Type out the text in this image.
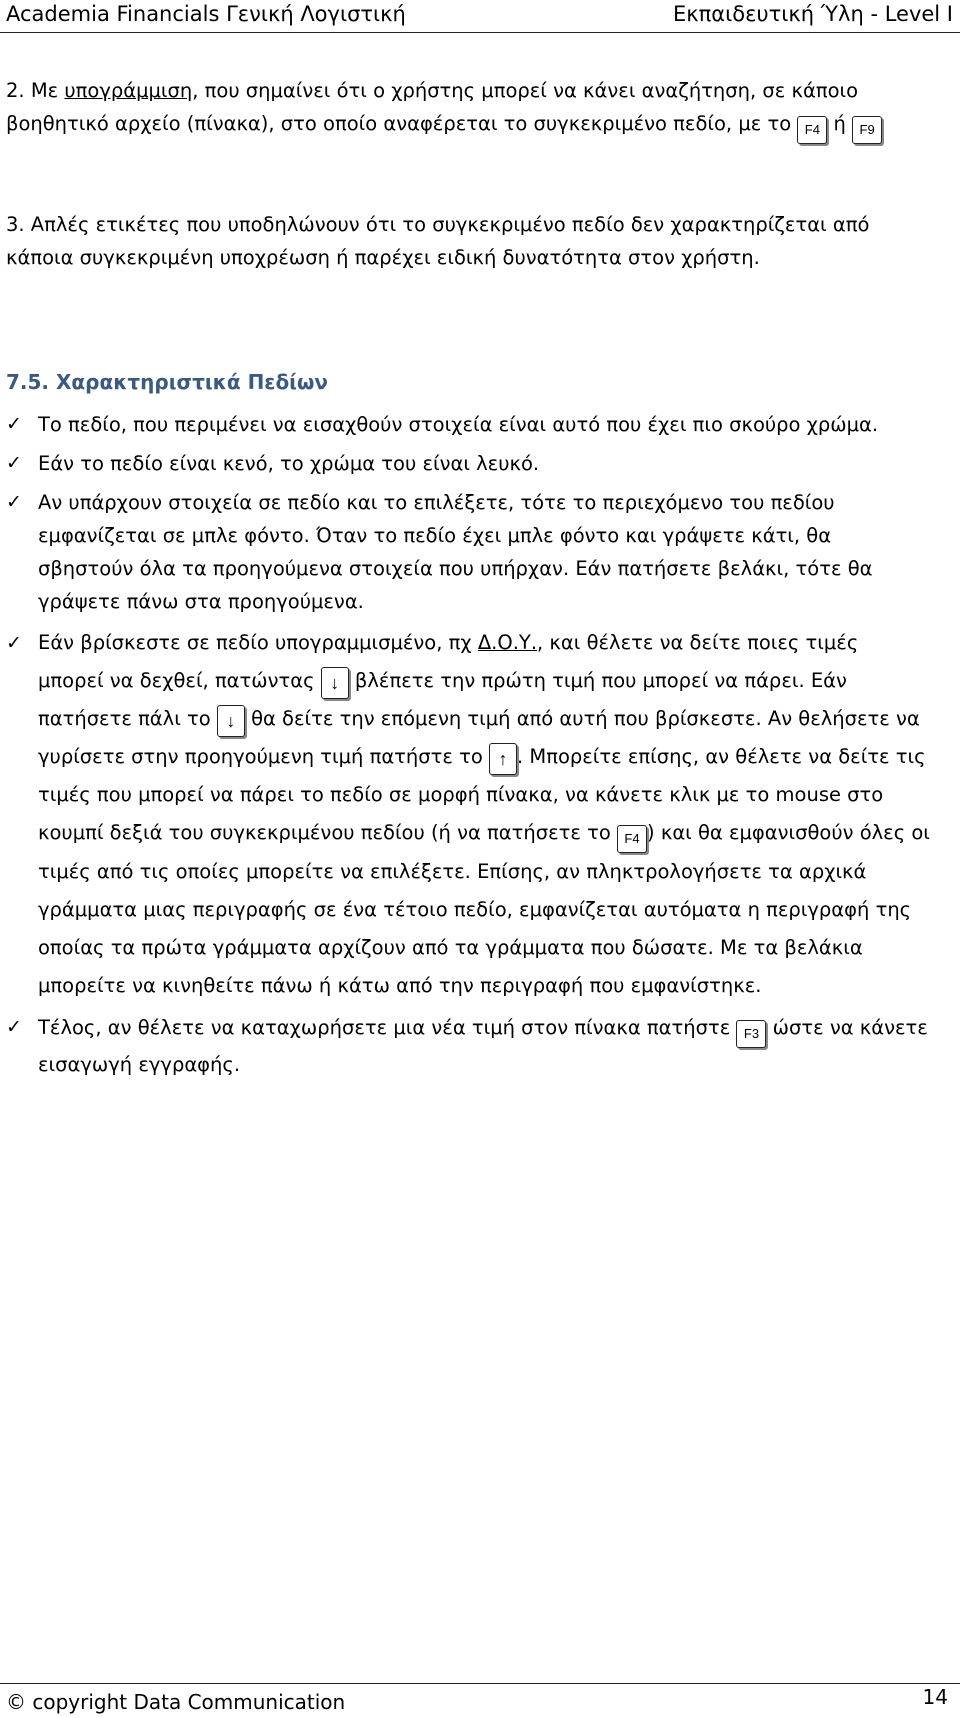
Academia Financials Γενική Λογιστική	Εκπαιδευτική Ύλη - Level I

2. Με υπογράμμιση, που σημαίνει ότι ο χρήστης μπορεί να κάνει αναζήτηση, σε κάποιο βοηθητικό αρχείο (πίνακα), στο οποίο αναφέρεται το συγκεκριμένο πεδίο, με το F4 ή F9

3. Απλές ετικέτες που υποδηλώνουν ότι το συγκεκριμένο πεδίο δεν χαρακτηρίζεται από κάποια συγκεκριμένη υποχρέωση ή παρέχει ειδική δυνατότητα στον χρήστη.

7.5. Χαρακτηριστικά Πεδίων
✓ Το πεδίο, που περιμένει να εισαχθούν στοιχεία είναι αυτό που έχει πιο σκούρο χρώμα.
✓ Εάν το πεδίο είναι κενό, το χρώμα του είναι λευκό.
✓ Αν υπάρχουν στοιχεία σε πεδίο και το επιλέξετε, τότε το περιεχόμενο του πεδίου εμφανίζεται σε μπλε φόντο. Όταν το πεδίο έχει μπλε φόντο και γράψετε κάτι, θα σβηστούν όλα τα προηγούμενα στοιχεία που υπήρχαν. Εάν πατήσετε βελάκι, τότε θα γράψετε πάνω στα προηγούμενα.
✓ Εάν βρίσκεστε σε πεδίο υπογραμμισμένο, πχ Δ.Ο.Υ., και θέλετε να δείτε ποιες τιμές μπορεί να δεχθεί, πατώντας ↓ βλέπετε την πρώτη τιμή που μπορεί να πάρει. Εάν πατήσετε πάλι το ↓ θα δείτε την επόμενη τιμή από αυτή που βρίσκεστε. Αν θελήσετε να γυρίσετε στην προηγούμενη τιμή πατήστε το ↑ . Μπορείτε επίσης, αν θέλετε να δείτε τις τιμές που μπορεί να πάρει το πεδίο σε μορφή πίνακα, να κάνετε κλικ με το mouse στο κουμπί δεξιά του συγκεκριμένου πεδίου (ή να πατήσετε το F4 ) και θα εμφανισθούν όλες οι τιμές από τις οποίες μπορείτε να επιλέξετε. Επίσης, αν πληκτρολογήσετε τα αρχικά γράμματα μιας περιγραφής σε ένα τέτοιο πεδίο, εμφανίζεται αυτόματα η περιγραφή της οποίας τα πρώτα γράμματα αρχίζουν από τα γράμματα που δώσατε. Με τα βελάκια μπορείτε να κινηθείτε πάνω ή κάτω από την περιγραφή που εμφανίστηκε.
✓ Τέλος, αν θέλετε να καταχωρήσετε μια νέα τιμή στον πίνακα πατήστε F3 ώστε να κάνετε εισαγωγή εγγραφής.
© copyright Data Communication	14
